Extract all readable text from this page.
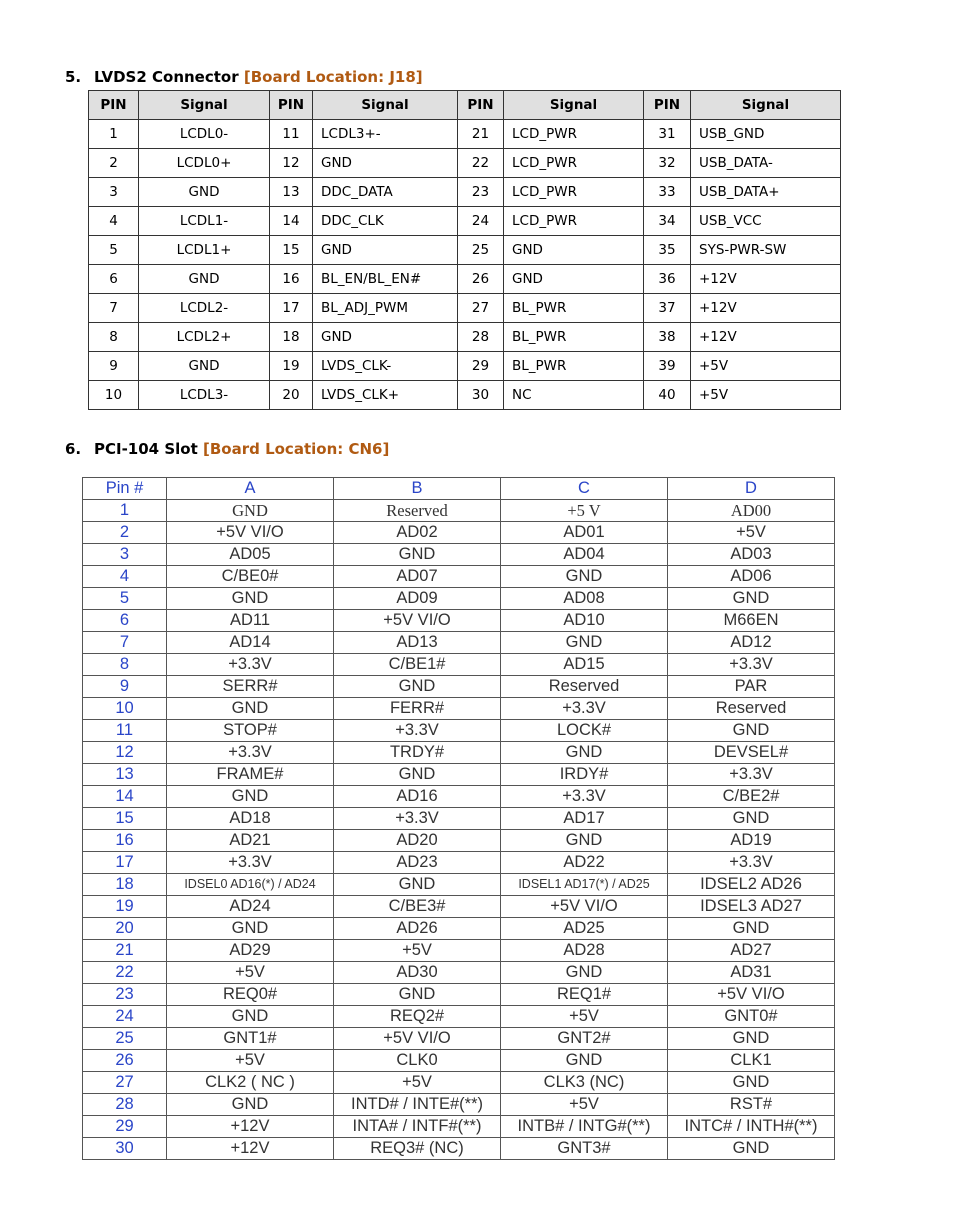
5. LVDS2 Connector [Board Location: J18]
PIN	Signal	PIN	Signal	PIN	Signal	PIN	Signal
1	LCDL0-	11	LCDL3+-	21	LCD_PWR	31	USB_GND
2	LCDL0+	12	GND	22	LCD_PWR	32	USB_DATA-
3	GND	13	DDC_DATA	23	LCD_PWR	33	USB_DATA+
4	LCDL1-	14	DDC_CLK	24	LCD_PWR	34	USB_VCC
5	LCDL1+	15	GND	25	GND	35	SYS-PWR-SW
6	GND	16	BL_EN/BL_EN#	26	GND	36	+12V
7	LCDL2-	17	BL_ADJ_PWM	27	BL_PWR	37	+12V
8	LCDL2+	18	GND	28	BL_PWR	38	+12V
9	GND	19	LVDS_CLK-	29	BL_PWR	39	+5V
10	LCDL3-	20	LVDS_CLK+	30	NC	40	+5V
6. PCI-104 Slot [Board Location: CN6]
Pin #	A	B	C	D
1	GND	Reserved	+5 V	AD00
2	+5V VI/O	AD02	AD01	+5V
3	AD05	GND	AD04	AD03
4	C/BE0#	AD07	GND	AD06
5	GND	AD09	AD08	GND
6	AD11	+5V VI/O	AD10	M66EN
7	AD14	AD13	GND	AD12
8	+3.3V	C/BE1#	AD15	+3.3V
9	SERR#	GND	Reserved	PAR
10	GND	FERR#	+3.3V	Reserved
11	STOP#	+3.3V	LOCK#	GND
12	+3.3V	TRDY#	GND	DEVSEL#
13	FRAME#	GND	IRDY#	+3.3V
14	GND	AD16	+3.3V	C/BE2#
15	AD18	+3.3V	AD17	GND
16	AD21	AD20	GND	AD19
17	+3.3V	AD23	AD22	+3.3V
18	IDSEL0 AD16(*) / AD24	GND	IDSEL1 AD17(*) / AD25	IDSEL2 AD26
19	AD24	C/BE3#	+5V VI/O	IDSEL3 AD27
20	GND	AD26	AD25	GND
21	AD29	+5V	AD28	AD27
22	+5V	AD30	GND	AD31
23	REQ0#	GND	REQ1#	+5V VI/O
24	GND	REQ2#	+5V	GNT0#
25	GNT1#	+5V VI/O	GNT2#	GND
26	+5V	CLK0	GND	CLK1
27	CLK2 ( NC )	+5V	CLK3 (NC)	GND
28	GND	INTD# / INTE#(**)	+5V	RST#
29	+12V	INTA# / INTF#(**)	INTB# / INTG#(**)	INTC# / INTH#(**)
30	+12V	REQ3# (NC)	GNT3#	GND
